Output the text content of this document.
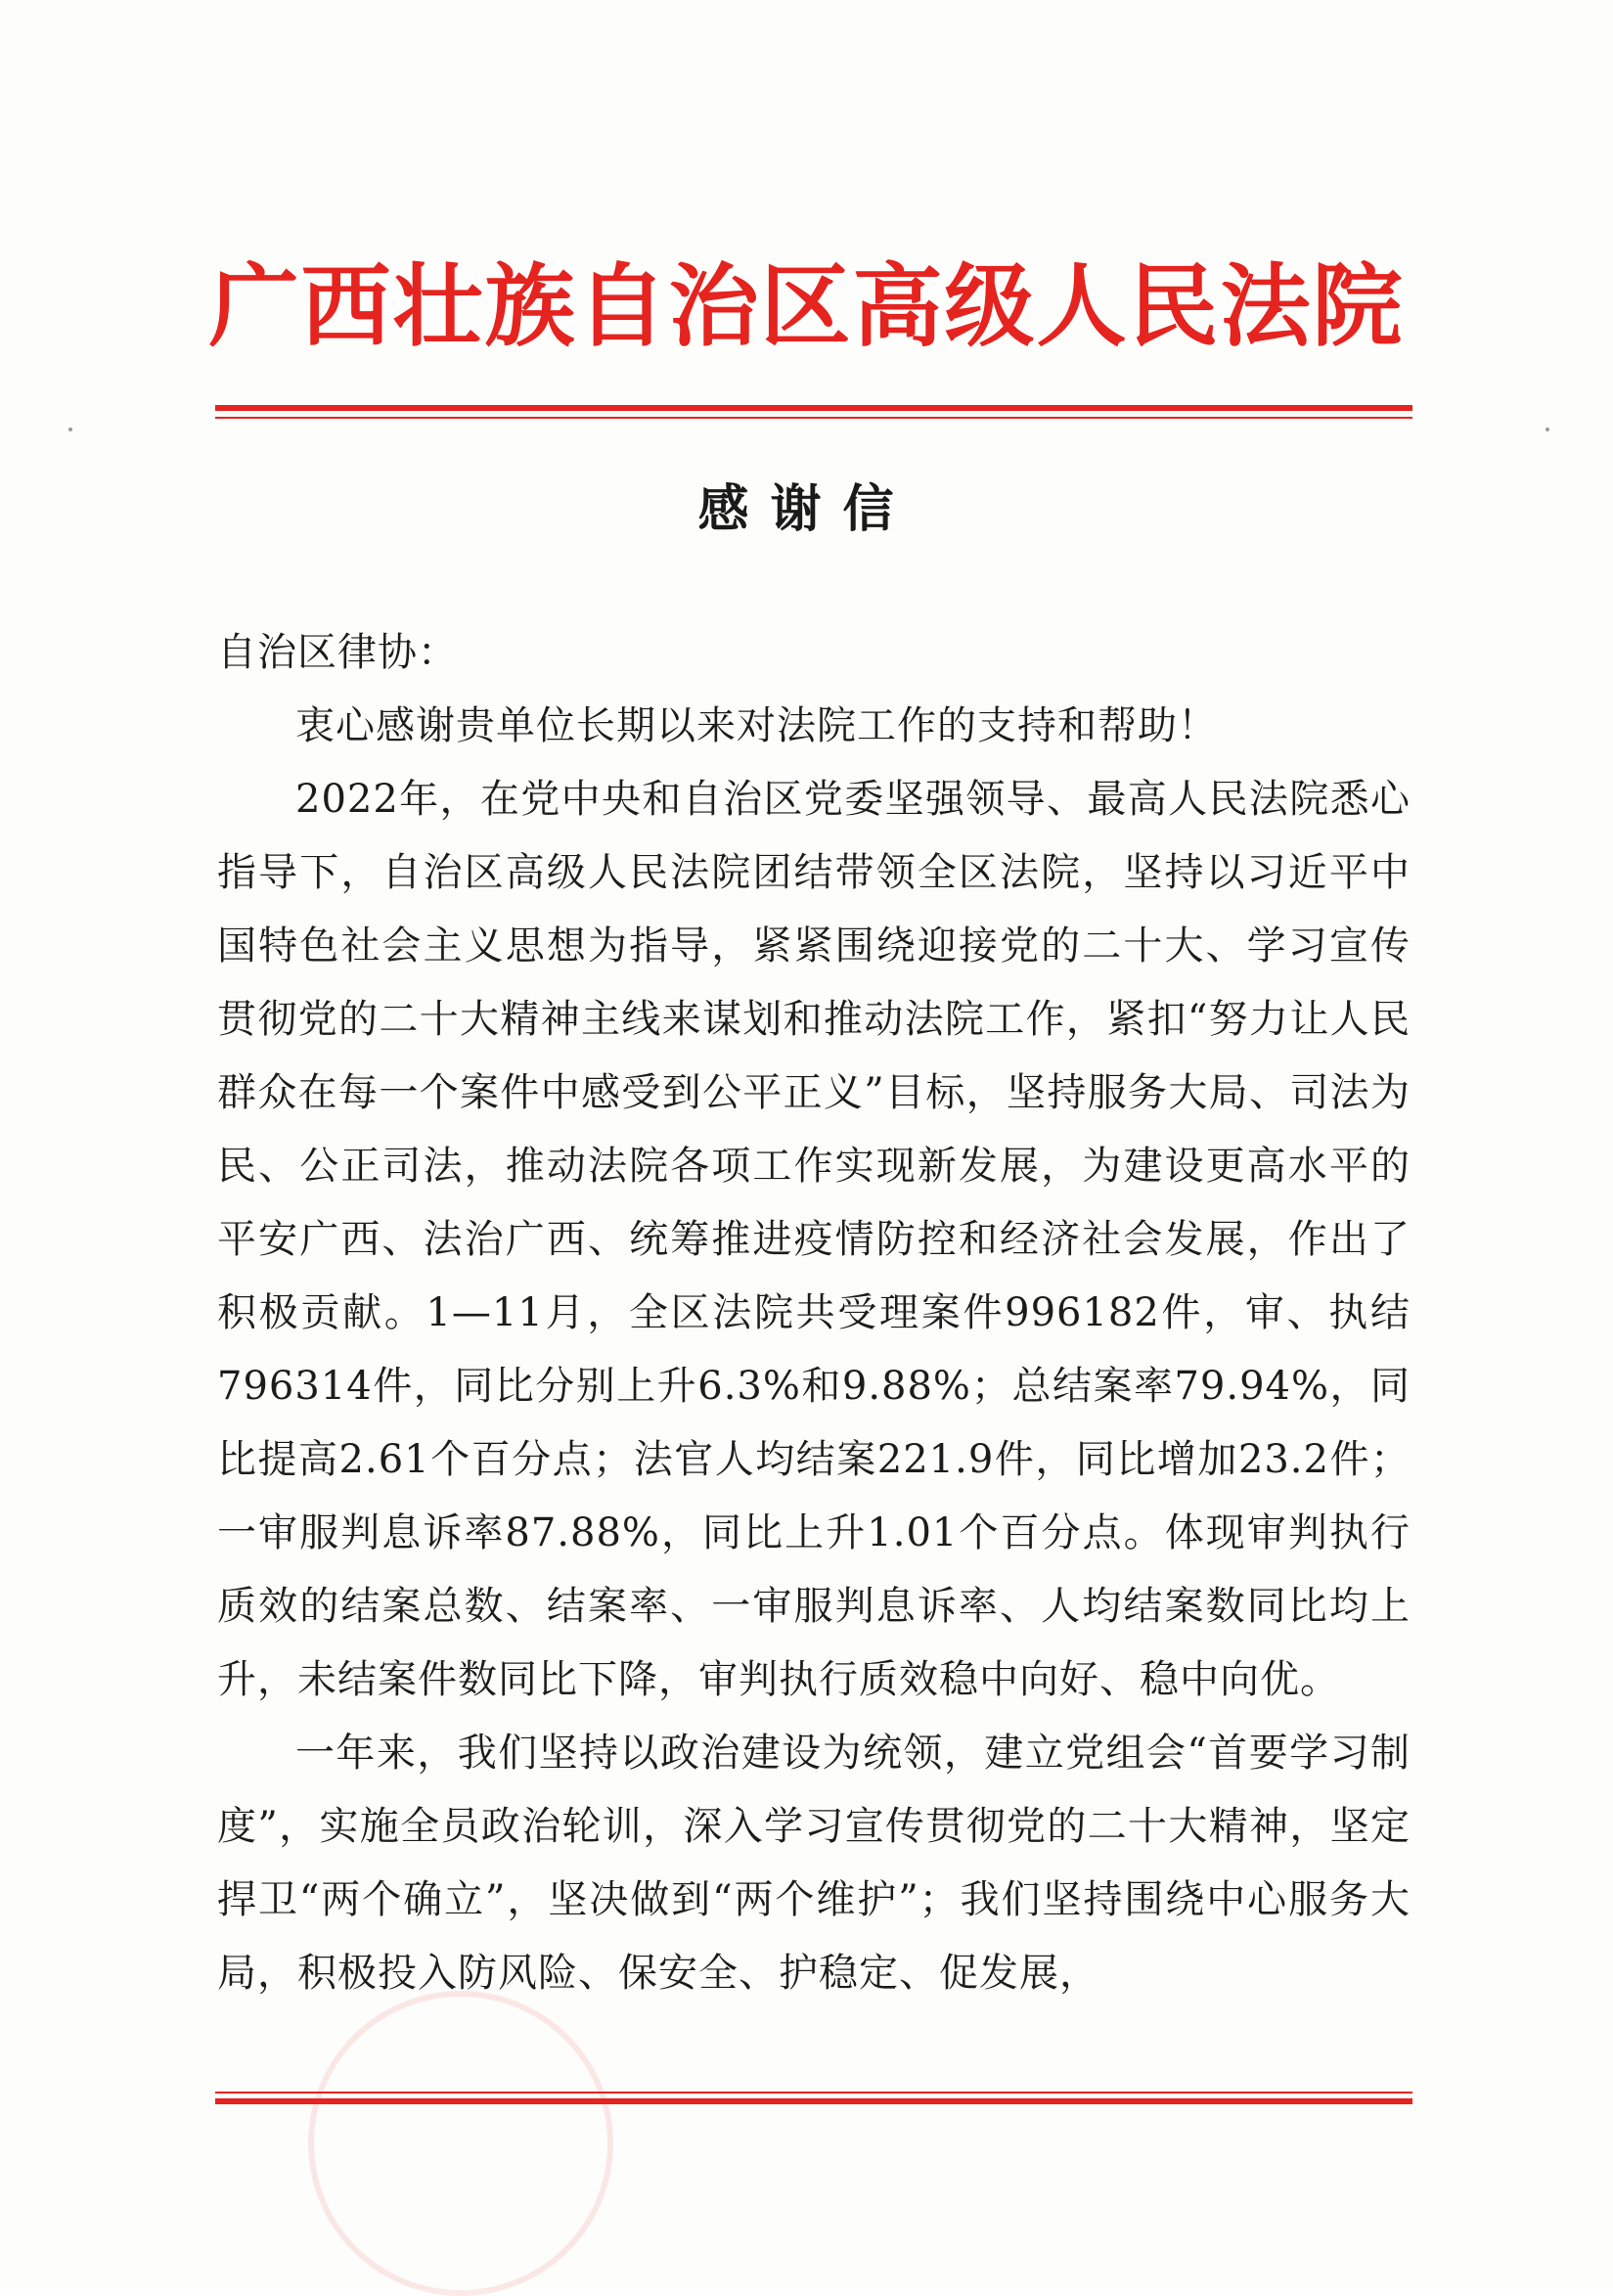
广西壮族自治区高级人民法院
感谢信

自治区律协：

衷心感谢贵单位长期以来对法院工作的支持和帮助！

2022年，在党中央和自治区党委坚强领导、最高人民法院悉心指导下，自治区高级人民法院团结带领全区法院，坚持以习近平中国特色社会主义思想为指导，紧紧围绕迎接党的二十大、学习宣传贯彻党的二十大精神主线来谋划和推动法院工作，紧扣“努力让人民群众在每一个案件中感受到公平正义”目标，坚持服务大局、司法为民、公正司法，推动法院各项工作实现新发展，为建设更高水平的平安广西、法治广西、统筹推进疫情防控和经济社会发展，作出了积极贡献。1—11月，全区法院共受理案件996182件，审、执结796314件，同比分别上升6.3%和9.88%；总结案率79.94%，同比提高2.61个百分点；法官人均结案221.9件，同比增加23.2件；一审服判息诉率87.88%，同比上升1.01个百分点。体现审判执行质效的结案总数、结案率、一审服判息诉率、人均结案数同比均上升，未结案件数同比下降，审判执行质效稳中向好、稳中向优。

一年来，我们坚持以政治建设为统领，建立党组会“首要学习制度”，实施全员政治轮训，深入学习宣传贯彻党的二十大精神，坚定捍卫“两个确立”，坚决做到“两个维护”；我们坚持围绕中心服务大局，积极投入防风险、保安全、护稳定、促发展，
